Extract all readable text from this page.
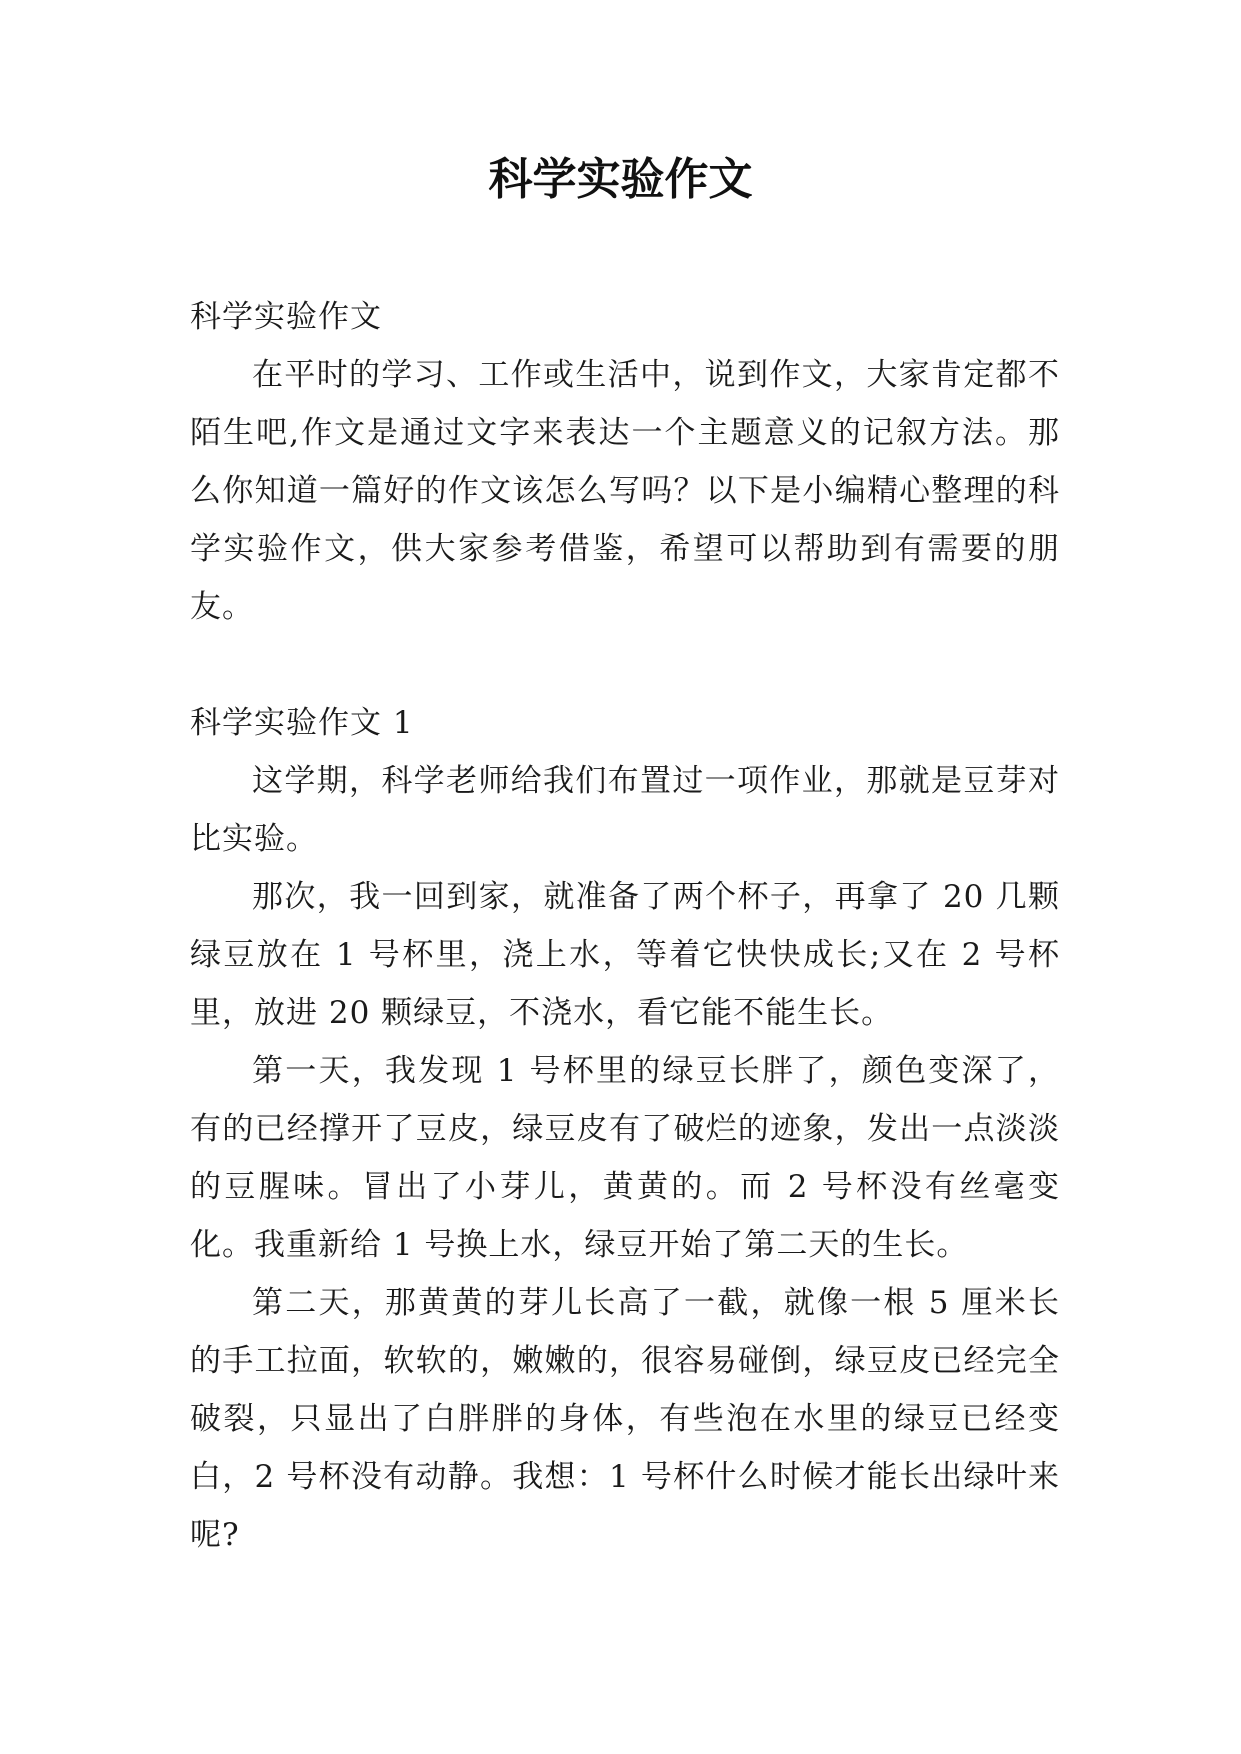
科学实验作文

科学实验作文

在平时的学习、工作或生活中，说到作文，大家肯定都不陌生吧,作文是通过文字来表达一个主题意义的记叙方法。那么你知道一篇好的作文该怎么写吗？以下是小编精心整理的科学实验作文，供大家参考借鉴，希望可以帮助到有需要的朋友。

科学实验作文 1

这学期，科学老师给我们布置过一项作业，那就是豆芽对比实验。

那次，我一回到家，就准备了两个杯子，再拿了 20 几颗绿豆放在 1 号杯里，浇上水，等着它快快成长;又在 2 号杯里，放进 20 颗绿豆，不浇水，看它能不能生长。

第一天，我发现 1 号杯里的绿豆长胖了，颜色变深了，有的已经撑开了豆皮，绿豆皮有了破烂的迹象，发出一点淡淡的豆腥味。冒出了小芽儿，黄黄的。而 2 号杯没有丝毫变化。我重新给 1 号换上水，绿豆开始了第二天的生长。

第二天，那黄黄的芽儿长高了一截，就像一根 5 厘米长的手工拉面，软软的，嫩嫩的，很容易碰倒，绿豆皮已经完全破裂，只显出了白胖胖的身体，有些泡在水里的绿豆已经变白，2 号杯没有动静。我想：1 号杯什么时候才能长出绿叶来呢?
